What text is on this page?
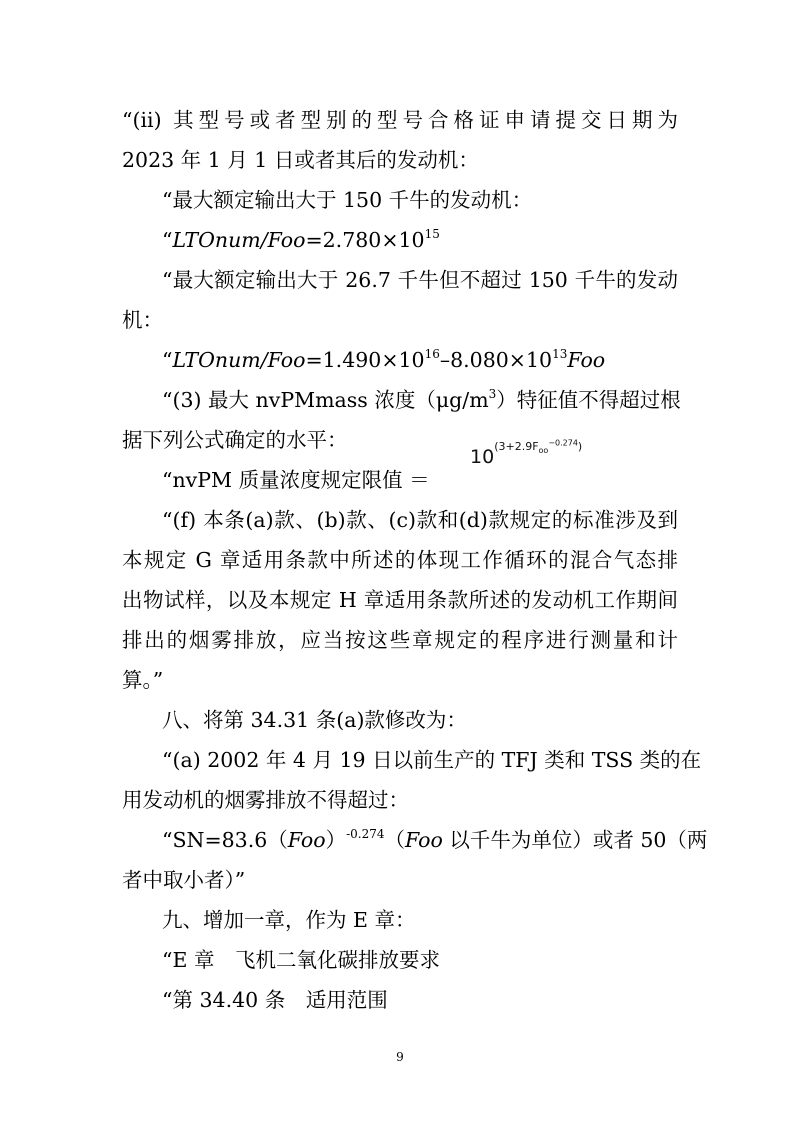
“(ii) 其型号或者型别的型号合格证申请提交日期为
2023 年 1 月 1 日或者其后的发动机：
“最大额定输出大于 150 千牛的发动机：
“$LTOnum/Foo=2.780\times 10^{15}$
“最大额定输出大于 26.7 千牛但不超过 150 千牛的发动
机：
“$LTOnum/Foo=1.490\times 10^{16}-8.080\times 10^{13}Foo$
“(3) 最大 nvPMmass 浓度$(\mu g/m^3)$特征值不得超过根
据下列公式确定的水平：
“nvPM 质量浓度规定限值 ＝
$10^{(3+2.9F_{oo}^{-0.274})}$
“(f) 本条(a)款、(b)款、(c)款和(d)款规定的标准涉及到
本规定 G 章适用条款中所述的体现工作循环的混合气态排
出物试样，以及本规定 H 章适用条款所述的发动机工作期间
排出的烟雾排放，应当按这些章规定的程序进行测量和计
算。”
八、将第 34.31 条(a)款修改为：
“(a) 2002 年 4 月 19 日以前生产的 TFJ 类和 TSS 类的在
用发动机的烟雾排放不得超过：
“SN=83.6（Foo）$^{-0.274}$（Foo 以千牛为单位）或者 50（两
者中取小者）”
九、增加一章，作为 E 章：
“E 章　飞机二氧化碳排放要求
“第 34.40 条　适用范围
9
